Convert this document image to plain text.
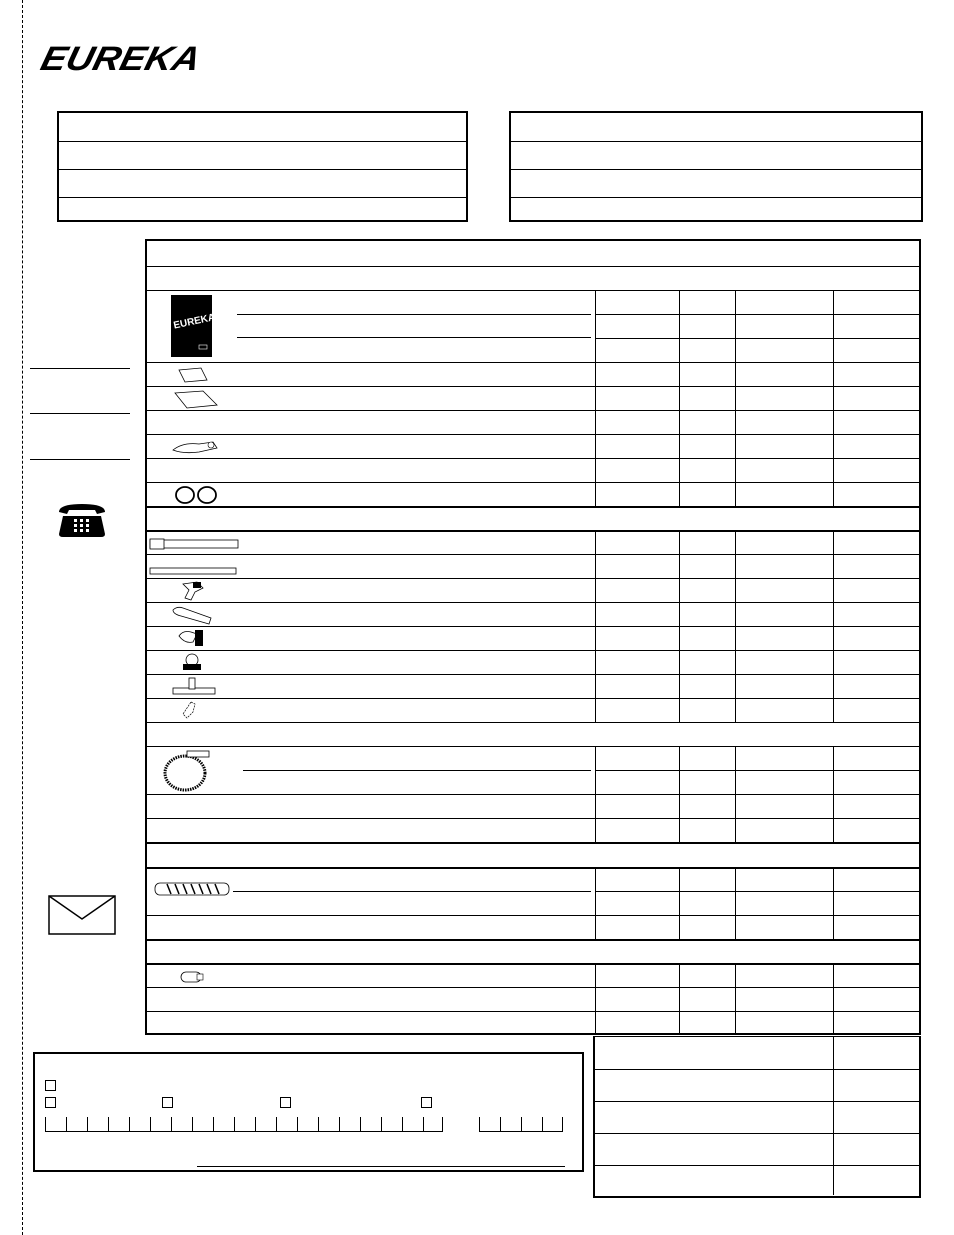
EUREKA
EUREKA
